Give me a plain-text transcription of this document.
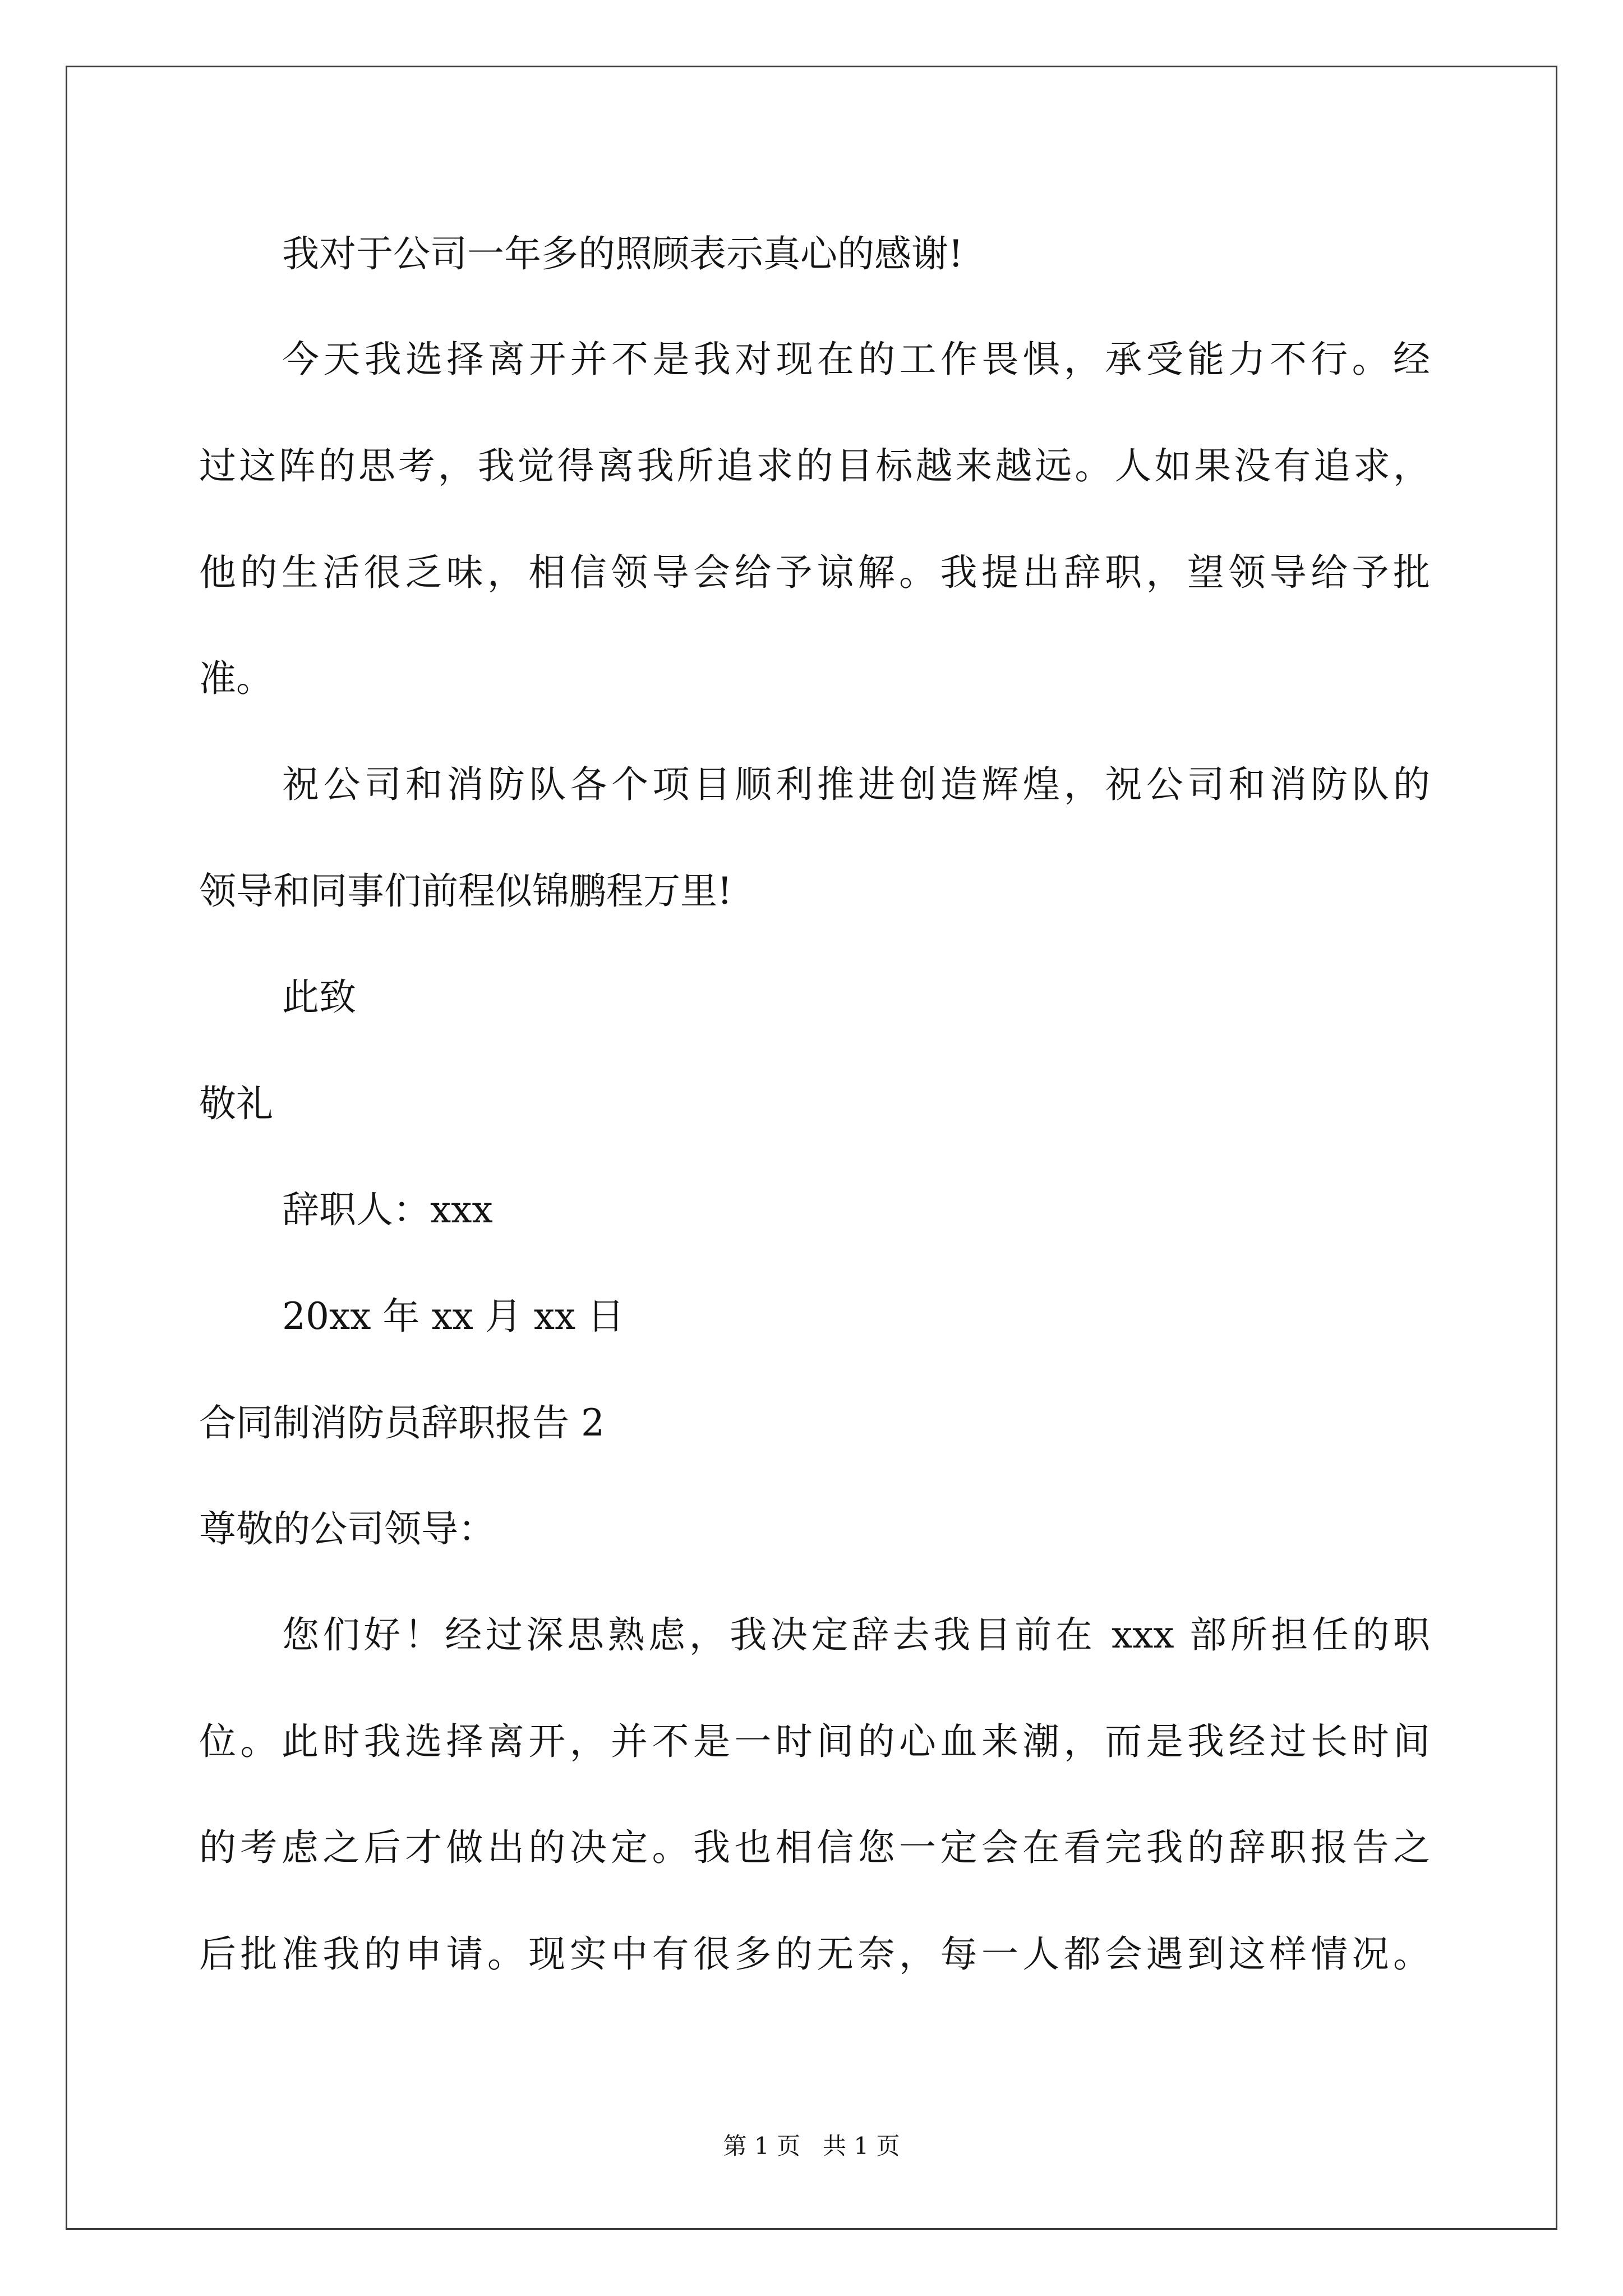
我对于公司一年多的照顾表示真心的感谢!
今天我选择离开并不是我对现在的工作畏惧，承受能力不行。经
过这阵的思考，我觉得离我所追求的目标越来越远。人如果没有追求，
他的生活很乏味，相信领导会给予谅解。我提出辞职，望领导给予批
准。
祝公司和消防队各个项目顺利推进创造辉煌，祝公司和消防队的
领导和同事们前程似锦鹏程万里!
此致
敬礼
辞职人：xxx
20xx 年 xx 月 xx 日
合同制消防员辞职报告 2
尊敬的公司领导：
您们好！经过深思熟虑，我决定辞去我目前在 xxx 部所担任的职
位。此时我选择离开，并不是一时间的心血来潮，而是我经过长时间
的考虑之后才做出的决定。我也相信您一定会在看完我的辞职报告之
后批准我的申请。现实中有很多的无奈，每一人都会遇到这样情况。
第 1 页   共 1 页
